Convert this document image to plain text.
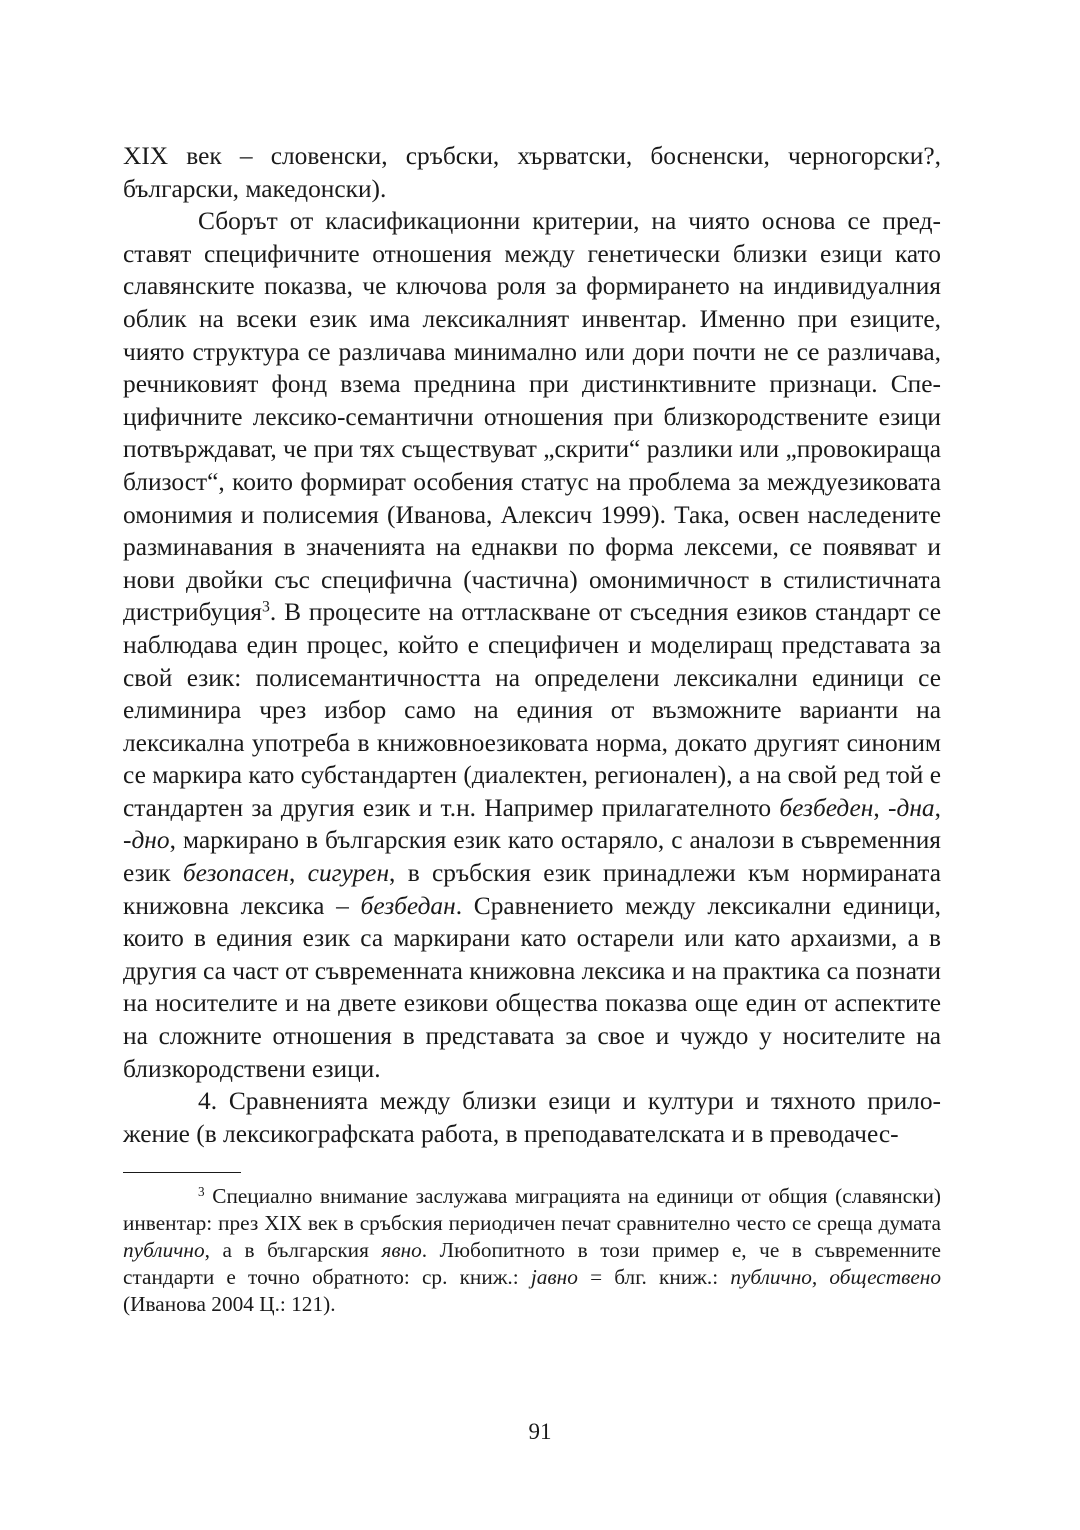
XIX век – словенски, сръбски, хърватски, босненски, черногорски?, български, македонски).

Сборът от класификационни критерии, на чиято основа се представят специфичните отношения между генетически близки езици като славянските показва, че ключова роля за формирането на индивидуалния облик на всеки език има лексикалният инвентар. Именно при езиците, чиято структура се различава минимално или дори почти не се различава, речниковият фонд взема преднина при дистинктивните признаци. Специфичните лексико-семантични отношения при близкородствените езици потвърждават, че при тях съществуват „скрити“ разлики или „провокираща близост“, които формират особения статус на проблема за междуезиковата омонимия и полисемия (Иванова, Алексич 1999). Така, освен наследените разминавания в значенията на еднакви по форма лексеми, се появяват и нови двойки със специфична (частична) омонимичност в стилистичната дистрибуция$^3$. В процесите на оттласкване от съседния езиков стандарт се наблюдава един процес, който е специфичен и моделиращ представата за свой език: полисемантичността на определени лексикални единици се елиминира чрез избор само на единия от възможните варианти на лексикална употреба в книжовноезиковата норма, докато другият синоним се маркира като субстандартен (диалектен, регионален), а на свой ред той е стандартен за другия език и т.н. Например прилагателното безбеден, -дна, -дно, маркирано в българския език като остаряло, с аналози в съвременния език безопасен, сигурен, в сръбския език принадлежи към нормираната книжовна лексика – безбедан. Сравнението между лексикални единици, които в единия език са маркирани като остарели или като архаизми, а в другия са част от съвременната книжовна лексика и на практика са познати на носителите и на двете езикови общества показва още един от аспектите на сложните отношения в представата за свое и чуждо у носителите на близкородствени езици.

4. Сравненията между близки езици и култури и тяхното приложение (в лексикографската работа, в преподавателската и в преводачес-

$^3$ Специално внимание заслужава миграцията на единици от общия (славянски) инвентар: през XIX век в сръбския периодичен печат сравнително често се среща думата публично, а в българския явно. Любопитното в този пример е, че в съвременните стандарти е точно обратното: ср. книж.: jавно = блг. книж.: публично, обществено (Иванова 2004 Ц.: 121).

91
